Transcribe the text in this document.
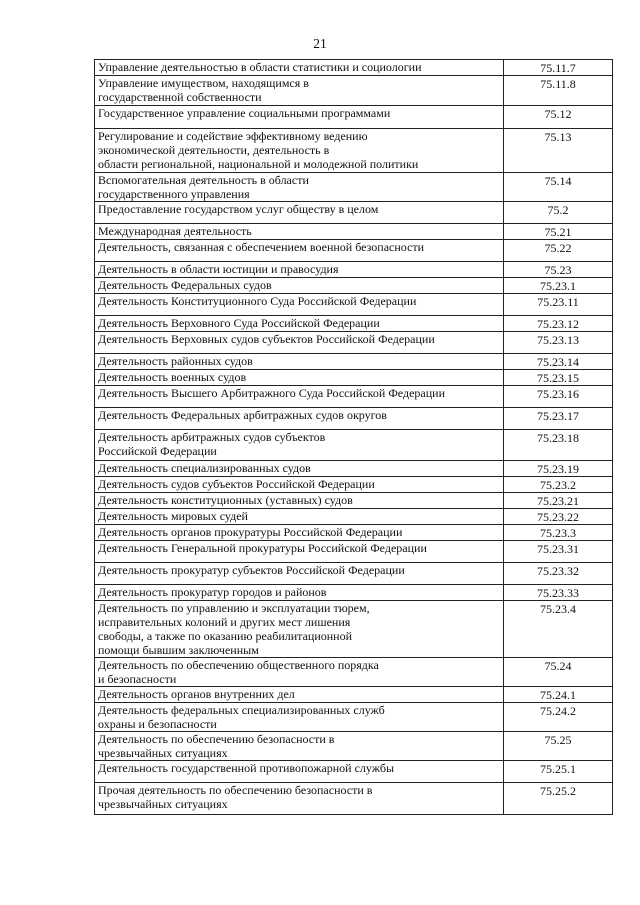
21
Управление деятельностью в области статистики и социологии	75.11.7
Управление имуществом, находящимся в
государственной собственности	75.11.8
Государственное управление социальными программами	75.12
Регулирование и содействие эффективному ведению
экономической деятельности, деятельность в
области региональной, национальной и молодежной политики	75.13
Вспомогательная деятельность в области
государственного управления	75.14
Предоставление государством услуг обществу в целом	75.2
Международная деятельность	75.21
Деятельность, связанная с обеспечением военной безопасности	75.22
Деятельность в области юстиции и правосудия	75.23
Деятельность Федеральных судов	75.23.1
Деятельность Конституционного Суда Российской Федерации	75.23.11
Деятельность Верховного Суда Российской Федерации	75.23.12
Деятельность Верховных судов субъектов Российской Федерации	75.23.13
Деятельность районных судов	75.23.14
Деятельность военных судов	75.23.15
Деятельность Высшего Арбитражного Суда Российской Федерации	75.23.16
Деятельность Федеральных арбитражных судов округов	75.23.17
Деятельность арбитражных судов субъектов
Российской Федерации	75.23.18
Деятельность специализированных судов	75.23.19
Деятельность судов субъектов Российской Федерации	75.23.2
Деятельность конституционных (уставных) судов	75.23.21
Деятельность мировых судей	75.23.22
Деятельность органов прокуратуры Российской Федерации	75.23.3
Деятельность Генеральной прокуратуры Российской Федерации	75.23.31
Деятельность прокуратур субъектов Российской Федерации	75.23.32
Деятельность прокуратур городов и районов	75.23.33
Деятельность по управлению и эксплуатации тюрем,
исправительных колоний и других мест лишения
свободы, а также по оказанию реабилитационной
помощи бывшим заключенным	75.23.4
Деятельность по обеспечению общественного порядка
и безопасности	75.24
Деятельность органов внутренних дел	75.24.1
Деятельность федеральных специализированных служб
охраны и безопасности	75.24.2
Деятельность по обеспечению безопасности в
чрезвычайных ситуациях	75.25
Деятельность государственной противопожарной службы	75.25.1
Прочая деятельность по обеспечению безопасности в
чрезвычайных ситуациях	75.25.2
